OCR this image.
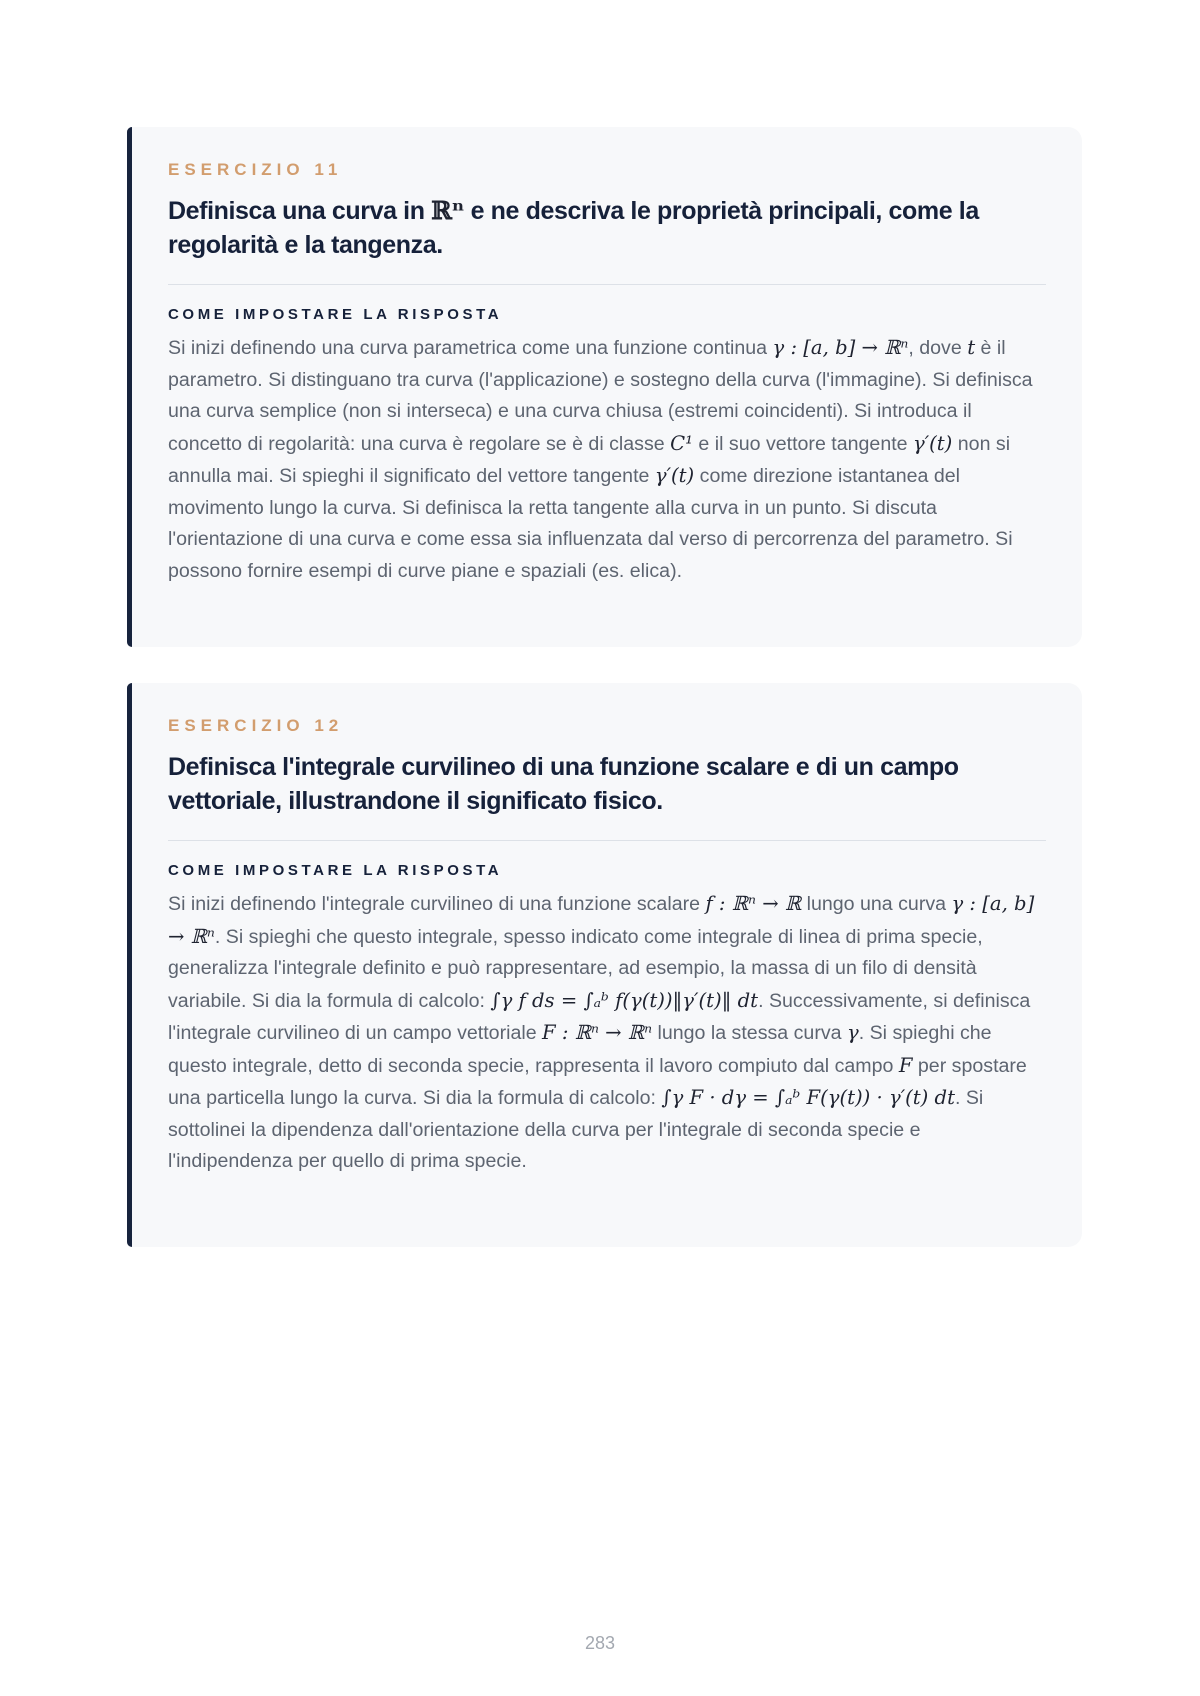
ESERCIZIO 11
Definisca una curva in ℝⁿ e ne descriva le proprietà principali, come la regolarità e la tangenza.
COME IMPOSTARE LA RISPOSTA

Si inizi definendo una curva parametrica come una funzione continua γ : [a, b] → ℝⁿ, dove t è il parametro. Si distinguano tra curva (l'applicazione) e sostegno della curva (l'immagine). Si definisca una curva semplice (non si interseca) e una curva chiusa (estremi coincidenti). Si introduca il concetto di regolarità: una curva è regolare se è di classe C¹ e il suo vettore tangente γ′(t) non si annulla mai. Si spieghi il significato del vettore tangente γ′(t) come direzione istantanea del movimento lungo la curva. Si definisca la retta tangente alla curva in un punto. Si discuta l'orientazione di una curva e come essa sia influenzata dal verso di percorrenza del parametro. Si possono fornire esempi di curve piane e spaziali (es. elica).

ESERCIZIO 12
Definisca l'integrale curvilineo di una funzione scalare e di un campo vettoriale, illustrandone il significato fisico.
COME IMPOSTARE LA RISPOSTA

Si inizi definendo l'integrale curvilineo di una funzione scalare f : ℝⁿ → ℝ lungo una curva γ : [a, b] → ℝⁿ. Si spieghi che questo integrale, spesso indicato come integrale di linea di prima specie, generalizza l'integrale definito e può rappresentare, ad esempio, la massa di un filo di densità variabile. Si dia la formula di calcolo: ∫γ f ds = ∫ₐᵇ f(γ(t))‖γ′(t)‖ dt. Successivamente, si definisca l'integrale curvilineo di un campo vettoriale F : ℝⁿ → ℝⁿ lungo la stessa curva γ. Si spieghi che questo integrale, detto di seconda specie, rappresenta il lavoro compiuto dal campo F per spostare una particella lungo la curva. Si dia la formula di calcolo: ∫γ F · dγ = ∫ₐᵇ F(γ(t)) · γ′(t) dt. Si sottolinei la dipendenza dall'orientazione della curva per l'integrale di seconda specie e l'indipendenza per quello di prima specie.

283
